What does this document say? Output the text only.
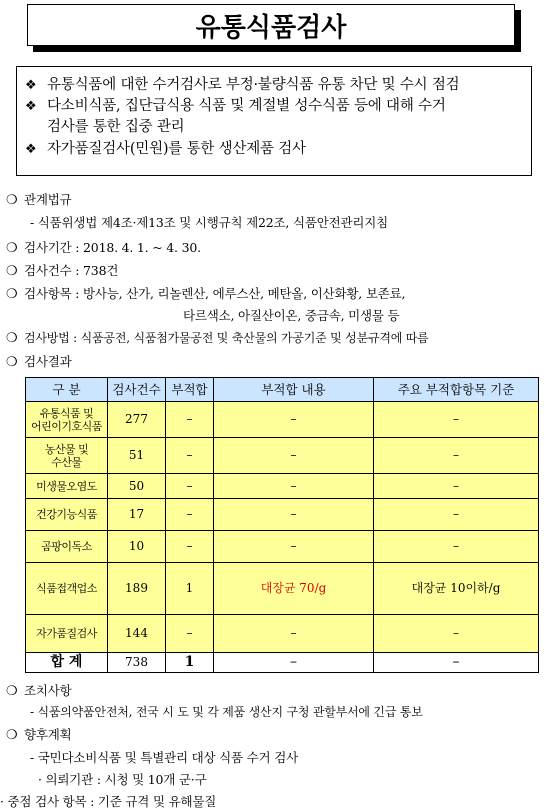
유통식품검사
❖ 유통식품에 대한 수거검사로 부정·불량식품 유통 차단 및 수시 점검
❖ 다소비식품, 집단급식용 식품 및 계절별 성수식품 등에 대해 수거
검사를 통한 집중 관리
❖ 자가품질검사(민원)를 통한 생산제품 검사
❍ 관계법규
- 식품위생법 제4조·제13조 및 시행규칙 제22조, 식품안전관리지침
❍ 검사기간 : 2018. 4. 1. ~ 4. 30.
❍ 검사건수 : 738건
❍ 검사항목 : 방사능, 산가, 리놀렌산, 에루스산, 메탄올, 이산화황, 보존료,
타르색소, 아질산이온, 중금속, 미생물 등
❍ 검사방법 : 식품공전, 식품첨가물공전 및 축산물의 가공기준 및 성분규격에 따름
❍ 검사결과
구 분	검사건수	부적합	부적합 내용	주요 부적합항목 기준
유통식품 및
어린이기호식품	277	–	–	–
농산물 및
수산물	51	–	–	–
미생물오염도	50	–	–	–
건강기능식품	17	–	–	–
곰팡이독소	10	–	–	–
식품접객업소	189	1	대장균 70/g	대장균 10이하/g
자가품질검사	144	–	–	–
합 계	738	1	–	–
❍ 조치사항
- 식품의약품안전처, 전국 시 도 및 각 제품 생산지 구청 관할부서에 긴급 통보
❍ 향후계획
- 국민다소비식품 및 특별관리 대상 식품 수거 검사
· 의뢰기관 : 시청 및 10개 군·구
· 중점 검사 항목 : 기준 규격 및 유해물질
